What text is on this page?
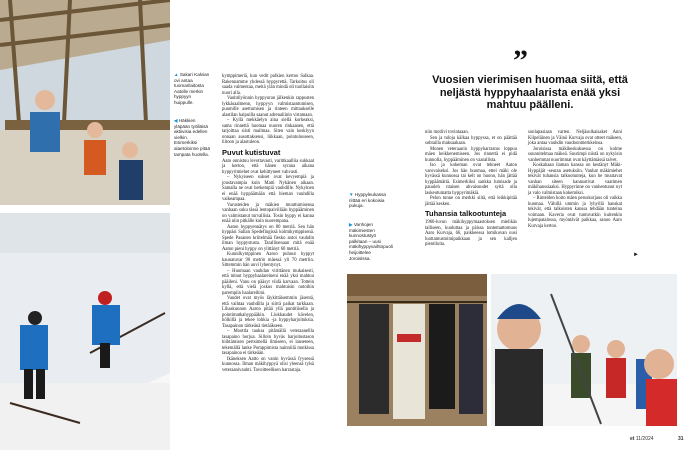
▲ Sakari Kalvian ovi antaa tuomarilaitosta Aatolle merkin hyppyyn huippulle.
◀ Häkkien yläpään työlläisä aktiivisia edellen vielkin. Esimerkiksi alaetoloinne pitää tampata huolella.

kymppimeriä, kun vedit polkien kertoo Salkaa. Rakennamme yhdessä hyppyrettä. Tarkoitus oli saada valmentaa, meitä ylän mindä oli tuollaisiin nuori alla.

Vauhtilyönnin hyppyuran jälkenkin rappusten lykkäsaalmenn, hyppyyn valmistaantumisen, puomille asettumisen ja rinteen mittaukselle alastilan haipuilla saanut adrenaliinin virtamaan.

– Kyllä mekkäelyn aina siellä korkeaksi, sama rinnettä huomaa nuoren rinkaanen, että tarjoittaa siisti mailmaa. Siten vain kesklyyn onnaan ausottaksensi, liikkaan, pointulouseen, liitoon ja alastuleon.

Puvut kutistuvat

Aato onnistuu levottavasti, varittkaalliia sukkaat ja kertoo, että hänen syrana aikana hyppyrimiehet ovat kehittyneet vahvasti.

– Nykyiseen sukset ovat kevyempiä ja joustavampia kuin Matti Nykänen aikaan. Samalla ne ovat herkempiä vauhdille. Nykyinen ei enää hyppäämään että hieman vauhdilla vaikeampaa.

Varusteiden ja mäkien muuttumisensa vanhaan suku tässä lentopaivillään hyppääminen on valmistanut turvallisia. Tosin hyppy ei kanna enää niin pitkälle kuin nuorempana.

Aaton hyppyennätys on 80 metriä. Sen hän hyppäsi Sallan Spedefingissä kolmikymppisenä. Spede Pasanen kriitelmää fiesko antoi vauhdin ilman hyppystusta. Tarallinenaan mitä enää Aaton pieni hyppy on ylittänyt 60 metriä.

Kunnilkymppinen Aaron puhuut hyppyt kaunatuvar 90 metrin mäessä yli 70 metriin. Sittemmin hän uuvi lyhentynyt.

– Huomaan vauhdan virittänen mukaisesti, että minut hyppyhaalareineni enää yksi mahtuu pääileni. Vanu on pääsyt viidä karvaan. Tottein kyllä, että vielä joskus mahtuisin notoihin parempiin haalareihini.

Vaudet ovat myös läykittäisemmin jäsentä, että vaihtaa vauhdilla ja siirrä paikat tarkkaan. Lihaskunnon Aaron pitää yllä puntitiisella ja pointimatkahyppääkin. Liukkaudet kävelen, hölkillä ja tekee lohkia -ja hyppyharjoituksia. Tasapainon tärkeänä tietääkseen.

– Moottla tauksa pitämällä veteraanellla tasapaino horjua. Silloin hyväs harjoitustason hiihtämisen pertsimellä ilmiseen, ei lanseteen, tekemällä lanke Pomppimista nainniilä mutkissa tasapainoa ei tärkeään.

Ikäneksen Aatto on vanin hyvässä fyysessä kunnossa. Ilman mäkihyppyä olisi yleensä tylsä veteraanivauhti. Tavoitteellisen harrastaja.

▼ Hyppyleukassa riittää eri kokoisia pukuja.
▶ Vanhojen mäkimiesten kunnostustyö palkitaan – uusi mäkihyppyvaihtopuoli heijoittelee Joroisissa.
”
Vuosien vierimisen huomaa siitä, että neljästä hyppyhaalarista enää yksi mahtuu päälleni.

niin motiivi tovintaaan.

Sen ja tuloja kälkaa hyppyssa, et on päättää sohtailla maksaakaan.

Monen veteraanin hyppyharrastus loppuu mäen heikkenemiseen. Jos rinnettä ei pidä kunnolla, hyppääminen on vaarallista.

Iso ja kokeman ovat tehneet Aaton varovaiseksi. Jos hän huomaa, ettei mäki ole hyvässä kunnossa tai kelt on huono, hän jättää hyppäämättä. Esimerkiksi sankka lumisade ja pauuleh ntaisen ahvaisuudet syitä olla laskeutumatta hyppyrimäkiä.

Pelon tunne on merkki siitä, että leikkipitää jättää kesken.

Tuhansia talkootunteja

1960-luvun mäkihyppymaastoksen mielikäs talliseen, kuuluttaa ja päissa tuntemattomuus Aaro Kurvaja, 66, paikkeessa lomikuvan uusi luottamustoimipaikkaan ja sen kalljen pientiloita.

sonlapasiaan varten. Neljäsulkaisaket Anni Kilpeläinen ja Väinö Kurvaja ovat otteet mäkeen, joka antaa vauhdin vaudoonmerkkeinsa.

Joroisissa mäkikeskuksessa on kolme suunnitelmaa mäkeä. Suurimpi niistä on nykyisin vanhemmat nuorimmat ovat käyttämässä talvet.

Koskahaan ilaman kanssa on kestänyt Mäki-Hyppäjät -seuran asetuksiin. Vanhat mäkimiehet tekivät tuhansia talkootunteja, kun he muutavat vanhan siteen kannustivat vaatimen mäkihanssiaaksi. Hyppyrinne on vanhentunut nyt ja valo valmistaan kokemiksi.

– Rinteiden hoito mäen peruskorjaus oli vaikka huomaa. Vähillä ummin ja lyhyillä hanskat tekivät, että talkoisten kanssa tehdään tunteina voimaan. Kaveria ovat tuntuvatkin kuitenkin lujempatalossa, myöntävät paikkaa, sanoo Aaro Kurvaja kertoo.

►
et 11/2024	31
